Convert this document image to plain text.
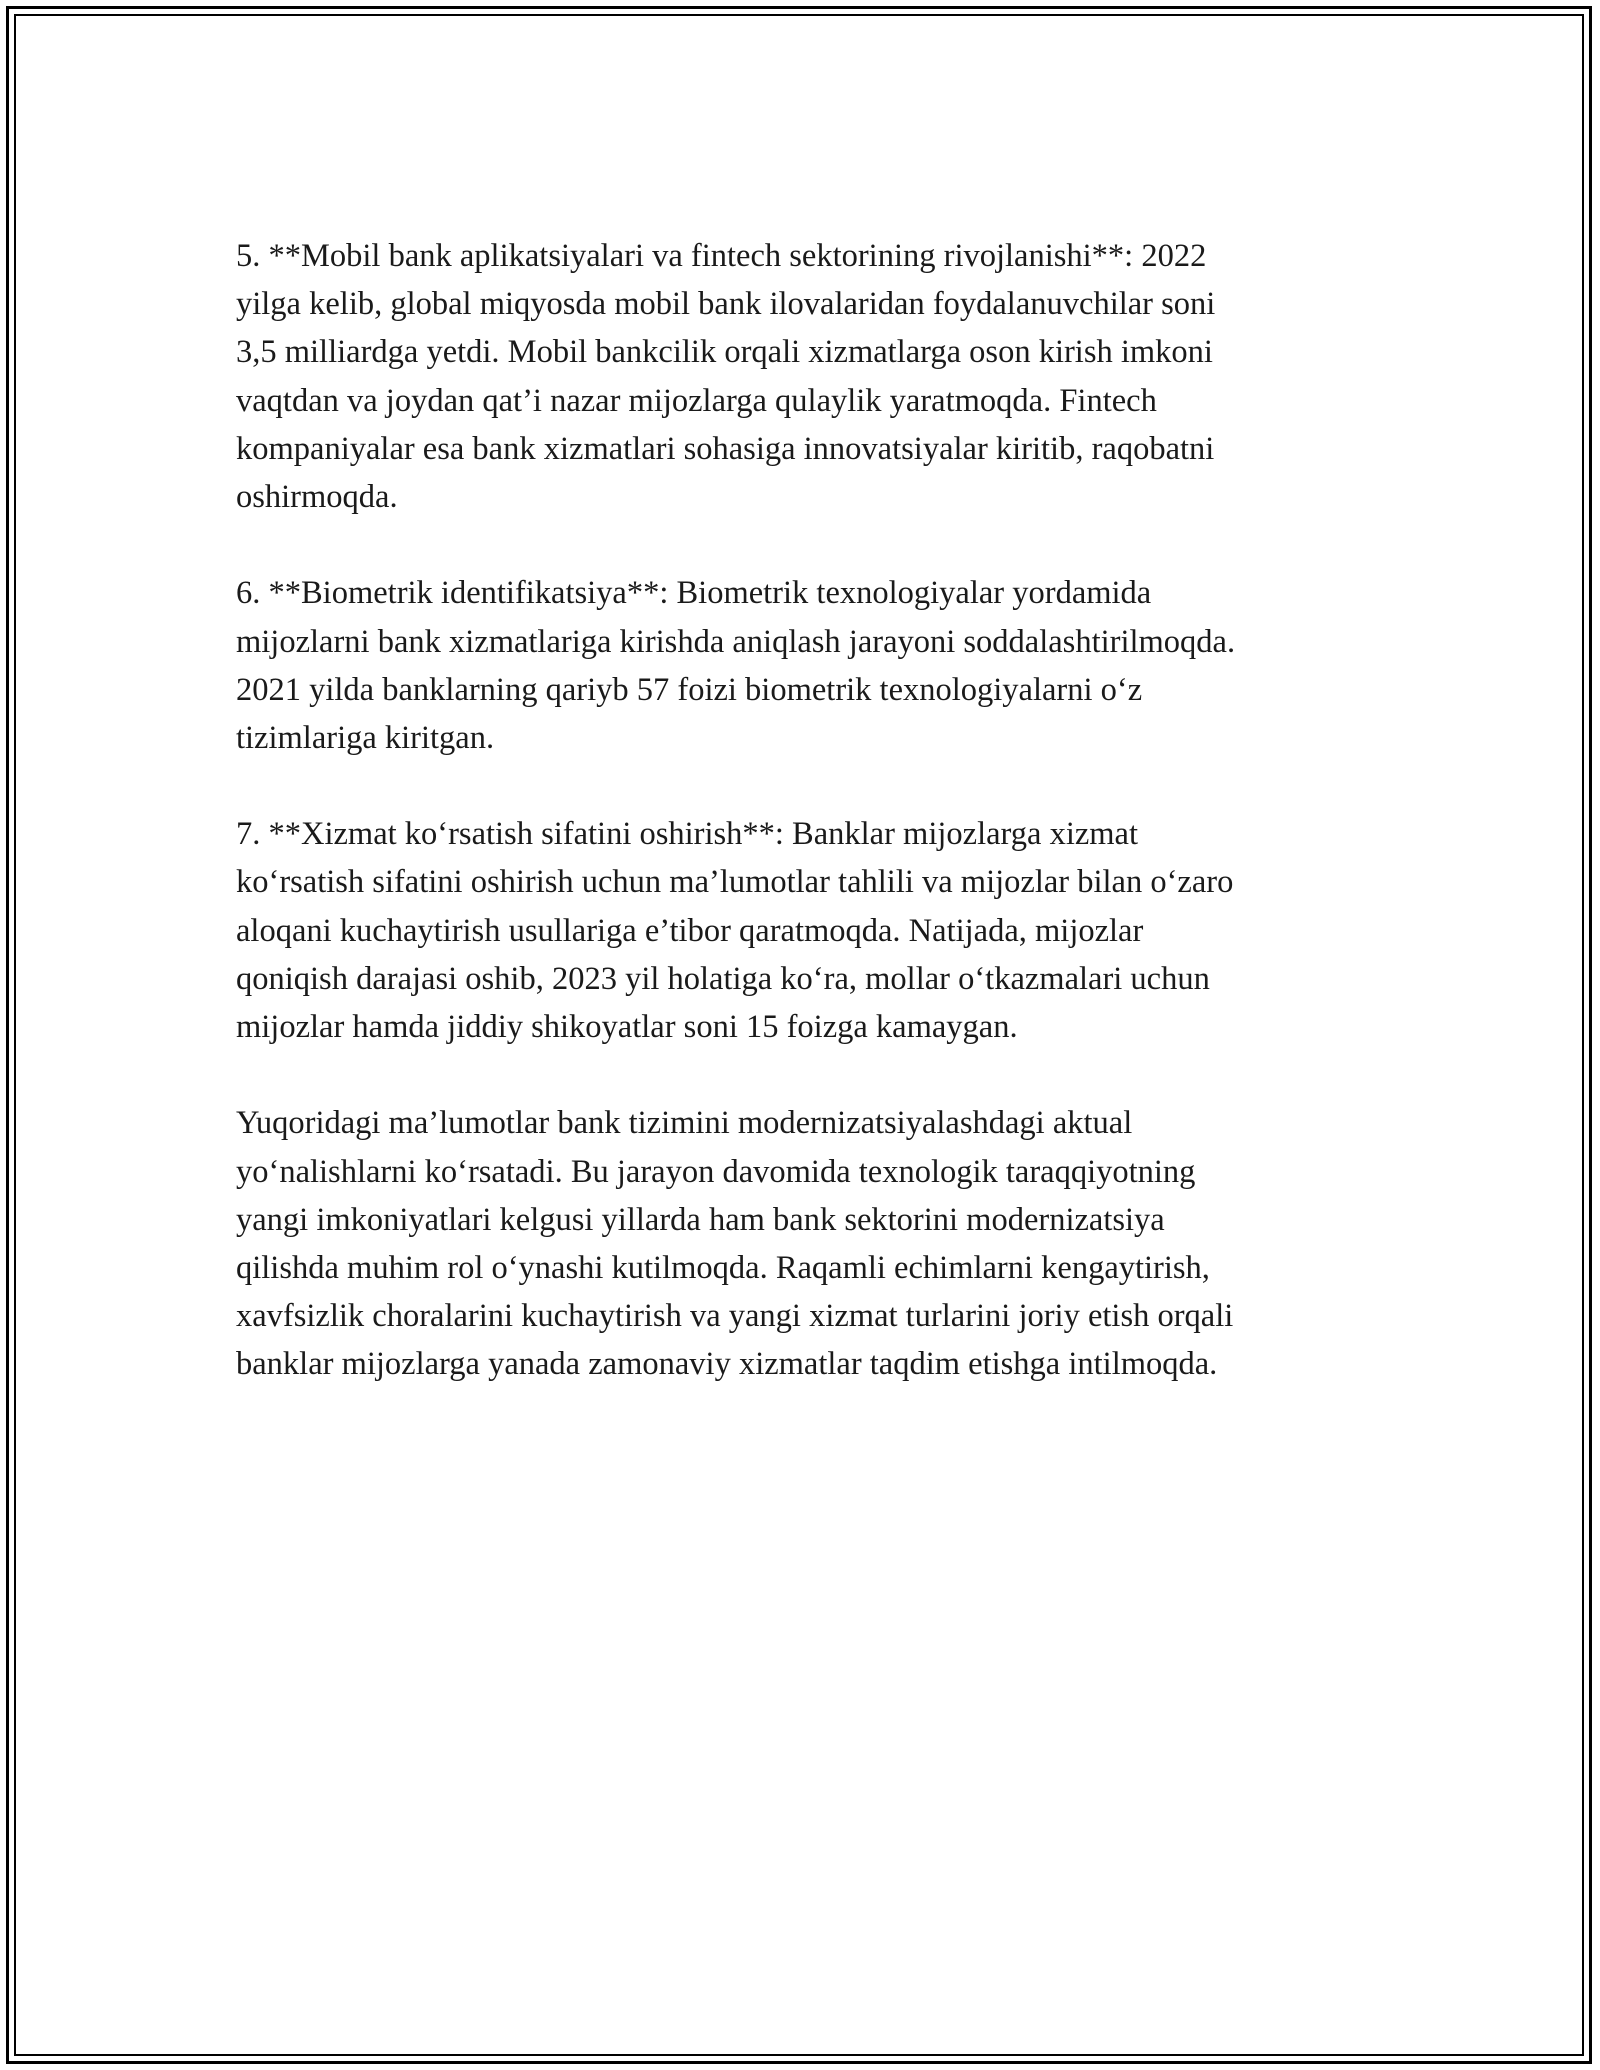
5. **Mobil bank aplikatsiyalari va fintech sektorining rivojlanishi**: 2022
yilga kelib, global miqyosda mobil bank ilovalaridan foydalanuvchilar soni
3,5 milliardga yetdi. Mobil bankcilik orqali xizmatlarga oson kirish imkoni
vaqtdan va joydan qat’i nazar mijozlarga qulaylik yaratmoqda. Fintech
kompaniyalar esa bank xizmatlari sohasiga innovatsiyalar kiritib, raqobatni
oshirmoqda.

6. **Biometrik identifikatsiya**: Biometrik texnologiyalar yordamida
mijozlarni bank xizmatlariga kirishda aniqlash jarayoni soddalashtirilmoqda.
2021 yilda banklarning qariyb 57 foizi biometrik texnologiyalarni o‘z
tizimlariga kiritgan.

7. **Xizmat ko‘rsatish sifatini oshirish**: Banklar mijozlarga xizmat
ko‘rsatish sifatini oshirish uchun ma’lumotlar tahlili va mijozlar bilan o‘zaro
aloqani kuchaytirish usullariga e’tibor qaratmoqda. Natijada, mijozlar
qoniqish darajasi oshib, 2023 yil holatiga ko‘ra, mollar o‘tkazmalari uchun
mijozlar hamda jiddiy shikoyatlar soni 15 foizga kamaygan.

Yuqoridagi ma’lumotlar bank tizimini modernizatsiyalashdagi aktual
yo‘nalishlarni ko‘rsatadi. Bu jarayon davomida texnologik taraqqiyotning
yangi imkoniyatlari kelgusi yillarda ham bank sektorini modernizatsiya
qilishda muhim rol o‘ynashi kutilmoqda. Raqamli echimlarni kengaytirish,
xavfsizlik choralarini kuchaytirish va yangi xizmat turlarini joriy etish orqali
banklar mijozlarga yanada zamonaviy xizmatlar taqdim etishga intilmoqda.
